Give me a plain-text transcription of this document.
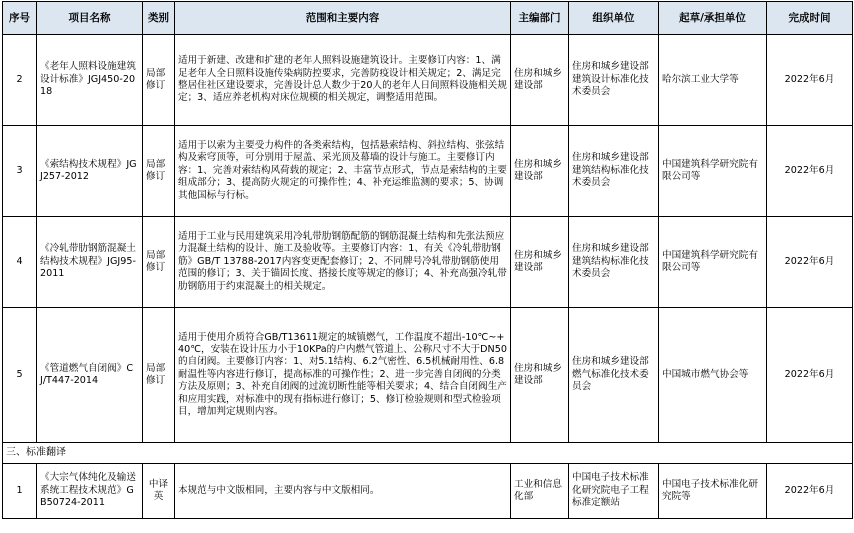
序号	项目名称	类别	范围和主要内容	主编部门	组织单位	起草/承担单位	完成时间
2	《老年人照料设施建筑设计标准》JGJ450-2018	局部修订	适用于新建、改建和扩建的老年人照料设施建筑设计。主要修订内容：1、满足老年人全日照料设施传染病防控要求，完善防疫设计相关规定；2、满足完整居住社区建设要求，完善设计总人数少于20人的老年人日间照料设施相关规定；3、适应养老机构对床位规模的相关规定，调整适用范围。	住房和城乡建设部	住房和城乡建设部建筑设计标准化技术委员会	哈尔滨工业大学等	2022年6月
3	《索结构技术规程》JGJ257-2012	局部修订	适用于以索为主要受力构件的各类索结构，包括悬索结构、斜拉结构、张弦结构及索穹顶等，可分别用于屋盖、采光顶及幕墙的设计与施工。主要修订内容：1、完善对索结构风荷载的规定；2、丰富节点形式，节点是索结构的主要组成部分；3、提高防火规定的可操作性；4、补充运维监测的要求；5、协调其他国标与行标。	住房和城乡建设部	住房和城乡建设部建筑结构标准化技术委员会	中国建筑科学研究院有限公司等	2022年6月
4	《冷轧带肋钢筋混凝土结构技术规程》JGJ95-2011	局部修订	适用于工业与民用建筑采用冷轧带肋钢筋配筋的钢筋混凝土结构和先张法预应力混凝土结构的设计、施工及验收等。主要修订内容：1、有关《冷轧带肋钢筋》GB/T 13788-2017内容变更配套修订；2、不同牌号冷轧带肋钢筋使用范围的修订；3、关于锚固长度、搭接长度等规定的修订；4、补充高强冷轧带肋钢筋用于约束混凝土的相关规定。	住房和城乡建设部	住房和城乡建设部建筑结构标准化技术委员会	中国建筑科学研究院有限公司等	2022年6月
5	《管道燃气自闭阀》CJ/T447-2014	局部修订	适用于使用介质符合GB/T13611规定的城镇燃气，工作温度不超出-10℃~+40℃，安装在设计压力小于10KPa的户内燃气管道上、公称尺寸不大于DN50的自闭阀。主要修订内容：1、对5.1结构、6.2气密性、6.5机械耐用性、6.8耐温性等内容进行修订，提高标准的可操作性；2、进一步完善自闭阀的分类方法及原则；3、补充自闭阀的过流切断性能等相关要求；4、结合自闭阀生产和应用实践，对标准中的现有指标进行修订；5、修订检验规则和型式检验项目，增加判定规则内容。	住房和城乡建设部	住房和城乡建设部燃气标准化技术委员会	中国城市燃气协会等	2022年6月
三、标准翻译							
1	《大宗气体纯化及输送系统工程技术规范》GB50724-2011	中译英	本规范与中文版相同，主要内容与中文版相同。	工业和信息化部	中国电子技术标准化研究院电子工程标准定额站	中国电子技术标准化研究院等	2022年6月
